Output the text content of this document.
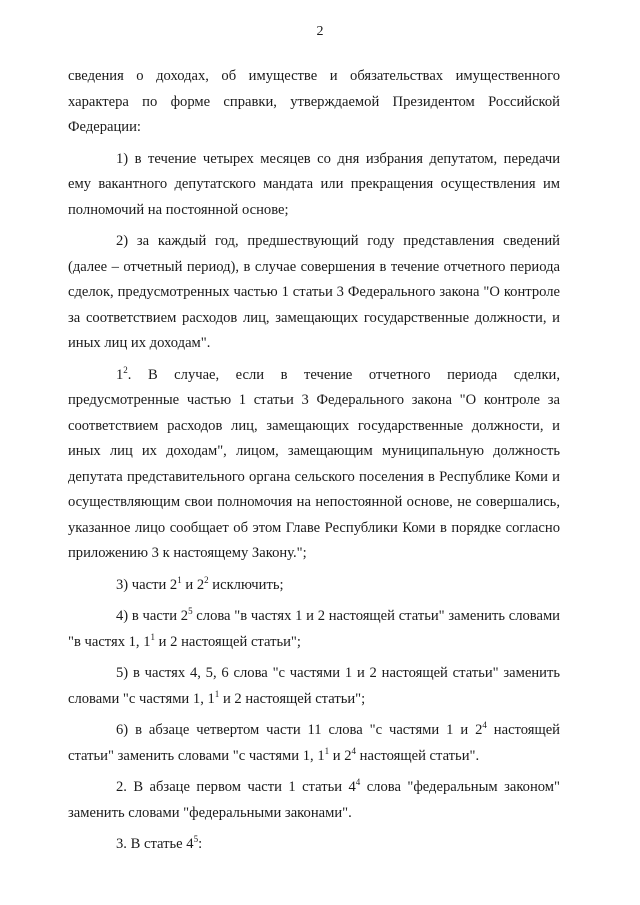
2

сведения о доходах, об имуществе и обязательствах имущественного характера по форме справки, утверждаемой Президентом Российской Федерации:

1) в течение четырех месяцев со дня избрания депутатом, передачи ему вакантного депутатского мандата или прекращения осуществления им полномочий на постоянной основе;

2) за каждый год, предшествующий году представления сведений (далее – отчетный период), в случае совершения в течение отчетного периода сделок, предусмотренных частью 1 статьи 3 Федерального закона "О контроле за соответствием расходов лиц, замещающих государственные должности, и иных лиц их доходам".

$1^2$. В случае, если в течение отчетного периода сделки, предусмотренные частью 1 статьи 3 Федерального закона "О контроле за соответствием расходов лиц, замещающих государственные должности, и иных лиц их доходам", лицом, замещающим муниципальную должность депутата представительного органа сельского поселения в Республике Коми и осуществляющим свои полномочия на непостоянной основе, не совершались, указанное лицо сообщает об этом Главе Республики Коми в порядке согласно приложению 3 к настоящему Закону.";

3) части $2^1$ и $2^2$ исключить;

4) в части $2^5$ слова "в частях 1 и 2 настоящей статьи" заменить словами "в частях 1, $1^1$ и 2 настоящей статьи";

5) в частях 4, 5, 6 слова "с частями 1 и 2 настоящей статьи" заменить словами "с частями 1, $1^1$ и 2 настоящей статьи";

6) в абзаце четвертом части 11 слова "с частями 1 и $2^4$ настоящей статьи" заменить словами "с частями 1, $1^1$ и $2^4$ настоящей статьи".

2. В абзаце первом части 1 статьи $4^4$ слова "федеральным законом" заменить словами "федеральными законами".

3. В статье $4^5$:
